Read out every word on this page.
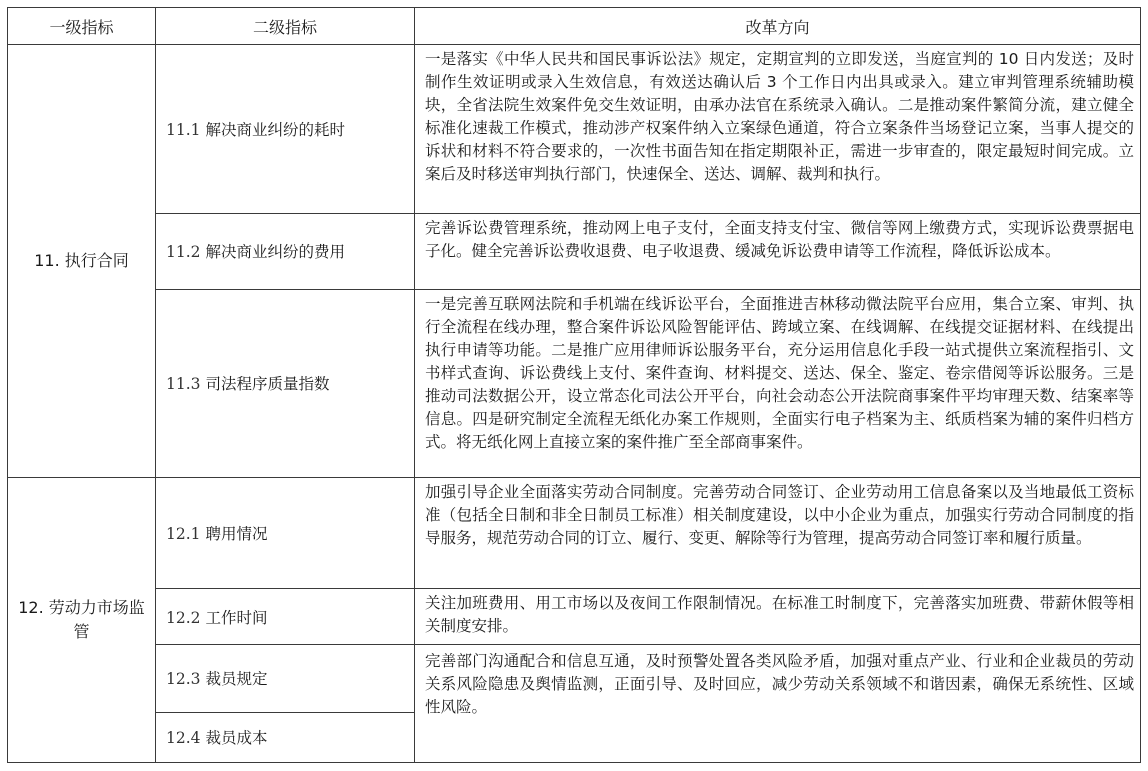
一级指标	二级指标	改革方向
11. 执行合同	11.1 解决商业纠纷的耗时	一是落实《中华人民共和国民事诉讼法》规定，定期宣判的立即发送，当庭宣判的 10 日内发送；及时制作生效证明或录入生效信息，有效送达确认后 3 个工作日内出具或录入。建立审判管理系统辅助模块，全省法院生效案件免交生效证明，由承办法官在系统录入确认。二是推动案件繁简分流，建立健全标准化速裁工作模式，推动涉产权案件纳入立案绿色通道，符合立案条件当场登记立案，当事人提交的诉状和材料不符合要求的，一次性书面告知在指定期限补正，需进一步审查的，限定最短时间完成。立案后及时移送审判执行部门，快速保全、送达、调解、裁判和执行。
	11.2 解决商业纠纷的费用	完善诉讼费管理系统，推动网上电子支付，全面支持支付宝、微信等网上缴费方式，实现诉讼费票据电子化。健全完善诉讼费收退费、电子收退费、缓减免诉讼费申请等工作流程，降低诉讼成本。
	11.3 司法程序质量指数	一是完善互联网法院和手机端在线诉讼平台，全面推进吉林移动微法院平台应用，集合立案、审判、执行全流程在线办理，整合案件诉讼风险智能评估、跨域立案、在线调解、在线提交证据材料、在线提出执行申请等功能。二是推广应用律师诉讼服务平台，充分运用信息化手段一站式提供立案流程指引、文书样式查询、诉讼费线上支付、案件查询、材料提交、送达、保全、鉴定、卷宗借阅等诉讼服务。三是推动司法数据公开，设立常态化司法公开平台，向社会动态公开法院商事案件平均审理天数、结案率等信息。四是研究制定全流程无纸化办案工作规则，全面实行电子档案为主、纸质档案为辅的案件归档方式。将无纸化网上直接立案的案件推广至全部商事案件。
12. 劳动力市场监管	12.1 聘用情况	加强引导企业全面落实劳动合同制度。完善劳动合同签订、企业劳动用工信息备案以及当地最低工资标准（包括全日制和非全日制员工标准）相关制度建设，以中小企业为重点，加强实行劳动合同制度的指导服务，规范劳动合同的订立、履行、变更、解除等行为管理，提高劳动合同签订率和履行质量。
	12.2 工作时间	关注加班费用、用工市场以及夜间工作限制情况。在标准工时制度下，完善落实加班费、带薪休假等相关制度安排。
	12.3 裁员规定	完善部门沟通配合和信息互通，及时预警处置各类风险矛盾，加强对重点产业、行业和企业裁员的劳动关系风险隐患及舆情监测，正面引导、及时回应，减少劳动关系领域不和谐因素，确保无系统性、区域性风险。
	12.4 裁员成本	
